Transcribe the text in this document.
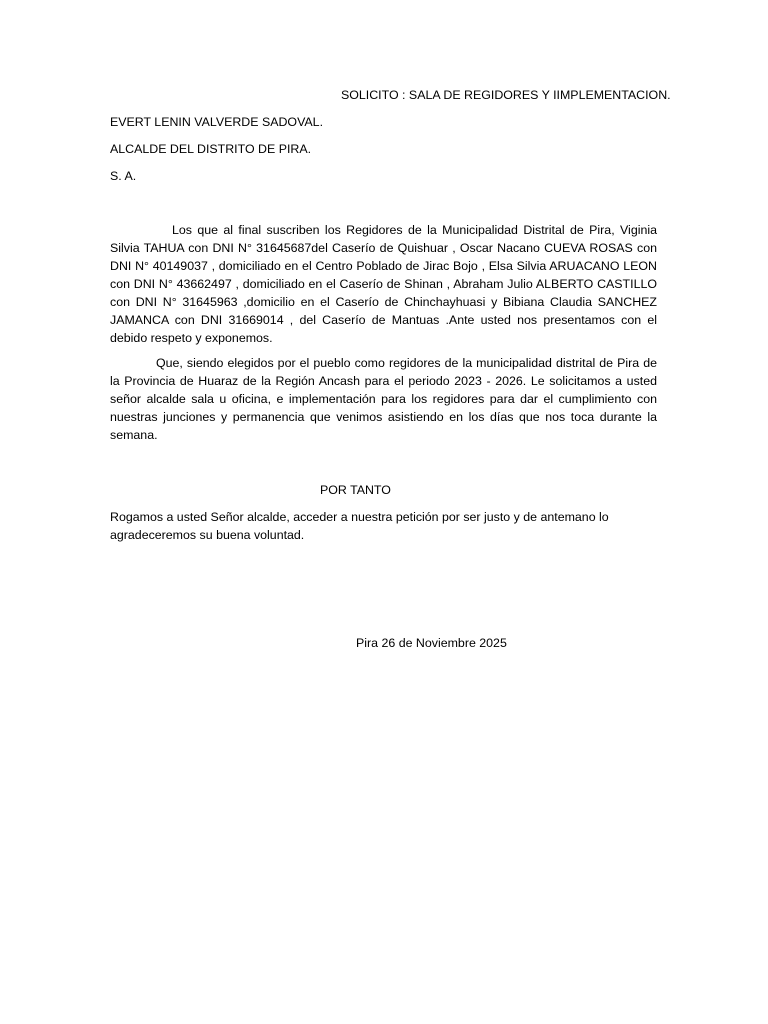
SOLICITO : SALA DE REGIDORES Y IIMPLEMENTACION.

EVERT LENIN VALVERDE SADOVAL.

ALCALDE DEL DISTRITO DE PIRA.

S. A.

Los que al final suscriben los Regidores de la Municipalidad Distrital de Pira, Viginia Silvia TAHUA con DNI N° 31645687del Caserío de Quishuar , Oscar Nacano CUEVA ROSAS con DNI N° 40149037 , domiciliado en el Centro Poblado de Jirac Bojo , Elsa Silvia ARUACANO LEON con DNI N° 43662497 , domiciliado en el Caserío de Shinan , Abraham Julio ALBERTO CASTILLO con DNI N° 31645963 ,domicilio en el Caserío de Chinchayhuasi y Bibiana Claudia SANCHEZ JAMANCA con DNI 31669014 , del Caserío de Mantuas .Ante usted nos presentamos con el debido respeto y exponemos.

Que, siendo elegidos por el pueblo como regidores de la municipalidad distrital de Pira de la Provincia de Huaraz de la Región Ancash para el periodo 2023 - 2026. Le solicitamos a usted señor alcalde sala u oficina, e implementación para los regidores para dar el cumplimiento con nuestras junciones y permanencia que venimos asistiendo en los días que nos toca durante la semana.

POR TANTO

Rogamos a usted Señor alcalde, acceder a nuestra petición por ser justo y de antemano lo agradeceremos su buena voluntad.

Pira 26 de Noviembre 2025
